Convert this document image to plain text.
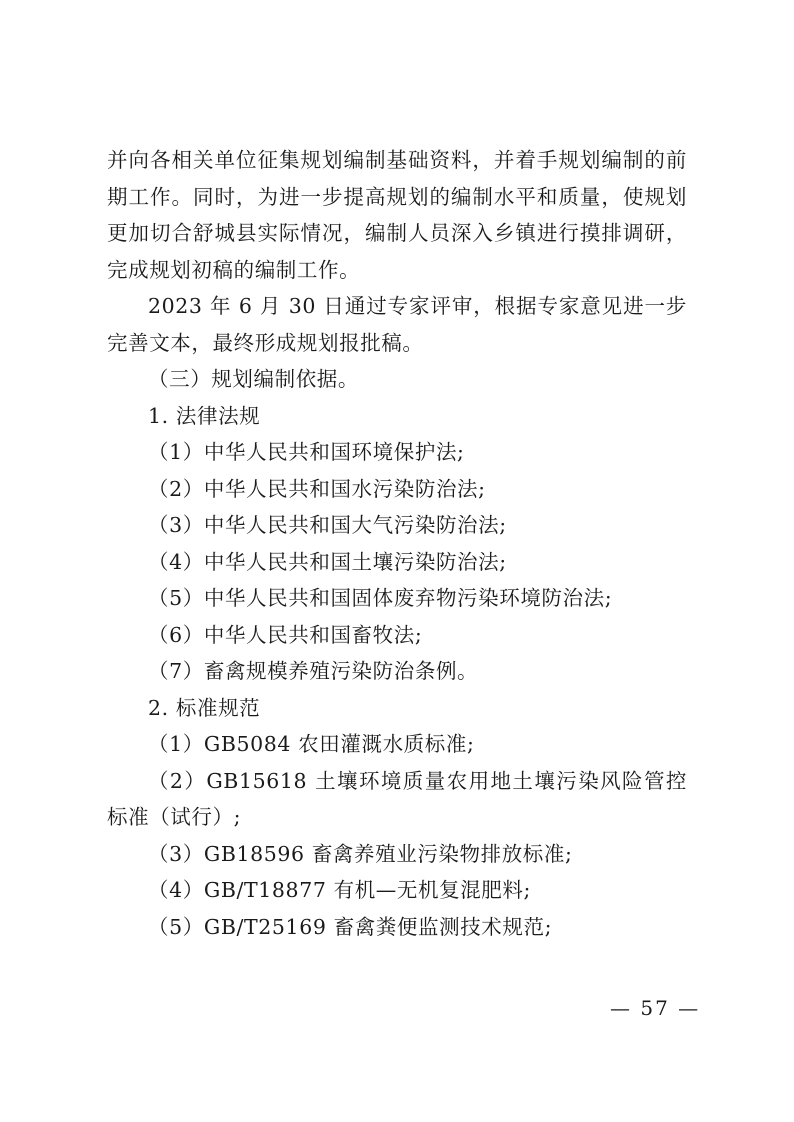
并向各相关单位征集规划编制基础资料，并着手规划编制的前期工作。同时，为进一步提高规划的编制水平和质量，使规划更加切合舒城县实际情况，编制人员深入乡镇进行摸排调研，完成规划初稿的编制工作。

2023 年 6 月 30 日通过专家评审，根据专家意见进一步完善文本，最终形成规划报批稿。

（三）规划编制依据。

1. 法律法规

（1）中华人民共和国环境保护法;

（2）中华人民共和国水污染防治法;

（3）中华人民共和国大气污染防治法;

（4）中华人民共和国土壤污染防治法;

（5）中华人民共和国固体废弃物污染环境防治法;

（6）中华人民共和国畜牧法;

（7）畜禽规模养殖污染防治条例。

2. 标准规范

（1）GB5084 农田灌溉水质标准;

（2）GB15618 土壤环境质量农用地土壤污染风险管控标准（试行）;

（3）GB18596 畜禽养殖业污染物排放标准;

（4）GB/T18877 有机—无机复混肥料;

（5）GB/T25169 畜禽粪便监测技术规范;

— 57 —
